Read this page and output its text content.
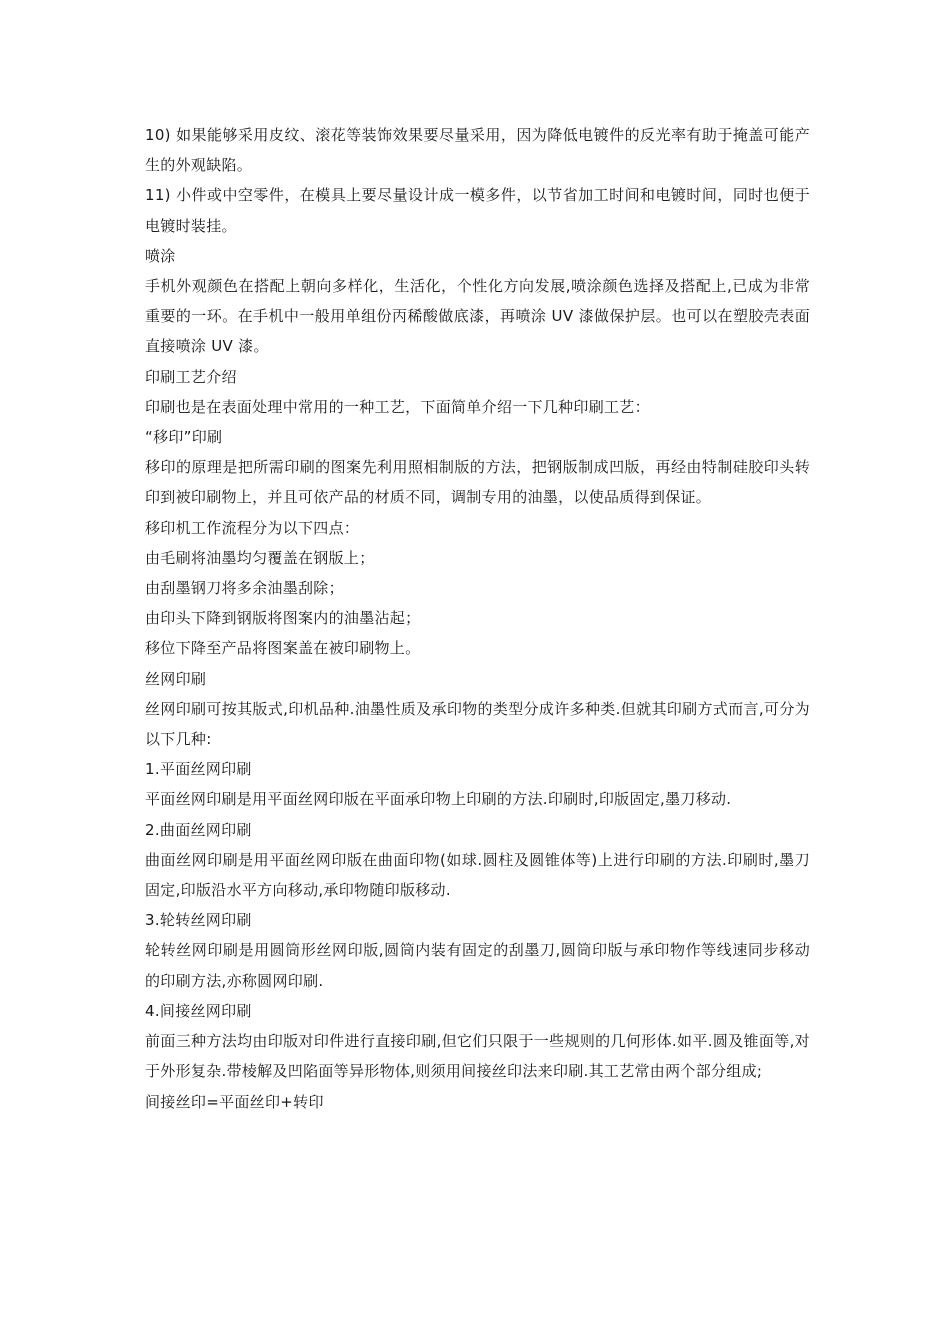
10) 如果能够采用皮纹、滚花等装饰效果要尽量采用，因为降低电镀件的反光率有助于掩盖可能产生的外观缺陷。

11) 小件或中空零件，在模具上要尽量设计成一模多件，以节省加工时间和电镀时间，同时也便于电镀时装挂。

喷涂

手机外观颜色在搭配上朝向多样化，生活化，个性化方向发展,喷涂颜色选择及搭配上,已成为非常重要的一环。在手机中一般用单组份丙稀酸做底漆，再喷涂 UV 漆做保护层。也可以在塑胶壳表面直接喷涂 UV 漆。

印刷工艺介绍

印刷也是在表面处理中常用的一种工艺，下面简单介绍一下几种印刷工艺：

“移印”印刷

移印的原理是把所需印刷的图案先利用照相制版的方法，把钢版制成凹版，再经由特制硅胶印头转印到被印刷物上，并且可依产品的材质不同，调制专用的油墨，以使品质得到保证。

移印机工作流程分为以下四点：

由毛刷将油墨均匀覆盖在钢版上；

由刮墨钢刀将多余油墨刮除；

由印头下降到钢版将图案内的油墨沾起；

移位下降至产品将图案盖在被印刷物上。

丝网印刷

丝网印刷可按其版式,印机品种.油墨性质及承印物的类型分成许多种类.但就其印刷方式而言,可分为以下几种:

1.平面丝网印刷

平面丝网印刷是用平面丝网印版在平面承印物上印刷的方法.印刷时,印版固定,墨刀移动.

2.曲面丝网印刷

曲面丝网印刷是用平面丝网印版在曲面印物(如球.圆柱及圆锥体等)上进行印刷的方法.印刷时,墨刀固定,印版沿水平方向移动,承印物随印版移动.

3.轮转丝网印刷

轮转丝网印刷是用圆筒形丝网印版,圆筒内装有固定的刮墨刀,圆筒印版与承印物作等线速同步移动的印刷方法,亦称圆网印刷.

4.间接丝网印刷

前面三种方法均由印版对印件进行直接印刷,但它们只限于一些规则的几何形体.如平.圆及锥面等,对于外形复杂.带棱解及凹陷面等异形物体,则须用间接丝印法来印刷.其工艺常由两个部分组成;

间接丝印=平面丝印+转印
